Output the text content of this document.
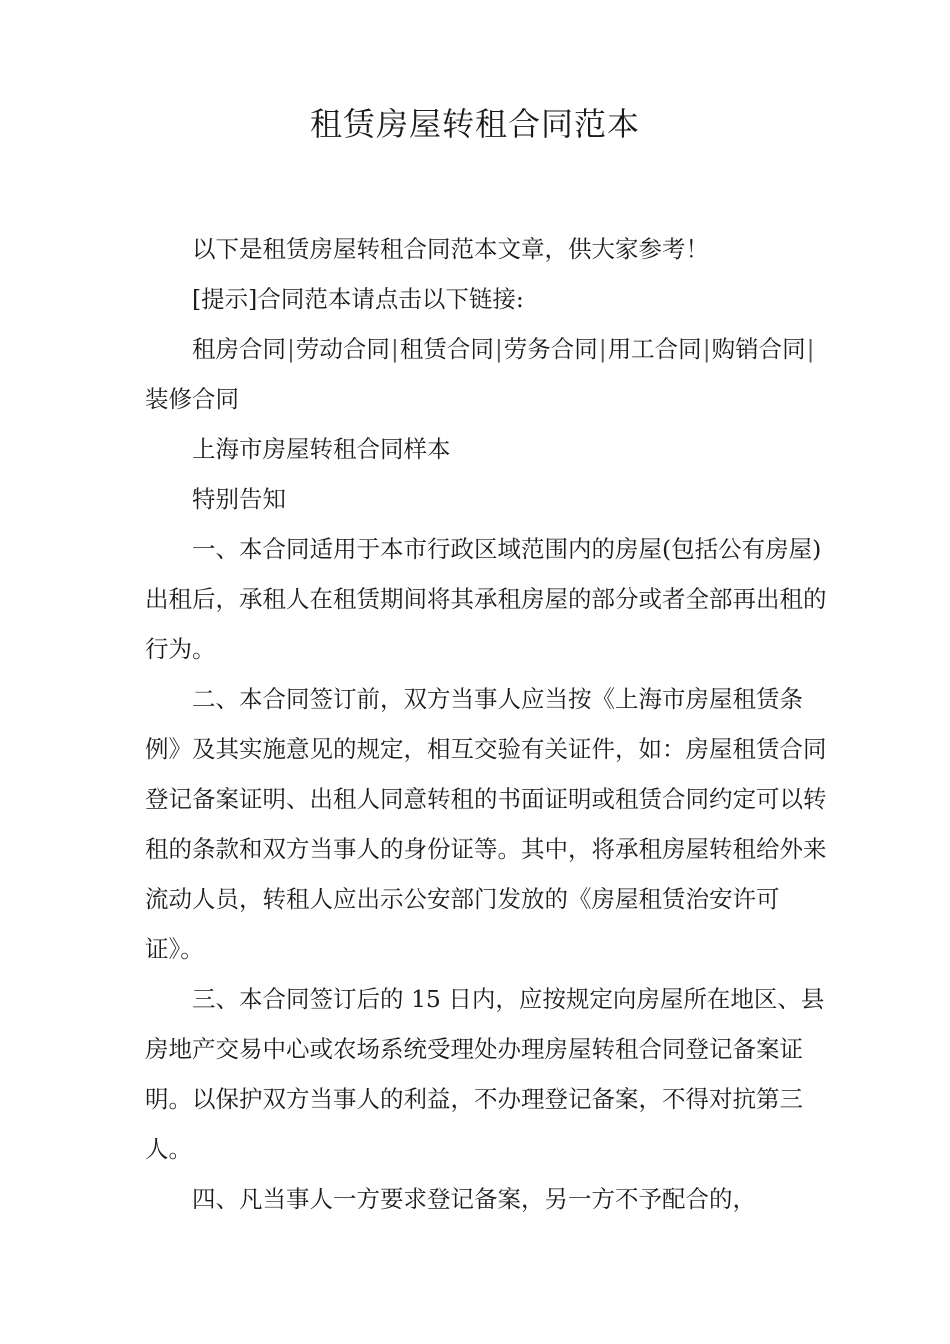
租赁房屋转租合同范本

以下是租赁房屋转租合同范本文章，供大家参考！

[提示]合同范本请点击以下链接:

租房合同|劳动合同|租赁合同|劳务合同|用工合同|购销合同|装修合同

上海市房屋转租合同样本

特别告知

一、本合同适用于本市行政区域范围内的房屋(包括公有房屋)出租后，承租人在租赁期间将其承租房屋的部分或者全部再出租的行为。

二、本合同签订前，双方当事人应当按《上海市房屋租赁条例》及其实施意见的规定，相互交验有关证件，如：房屋租赁合同登记备案证明、出租人同意转租的书面证明或租赁合同约定可以转租的条款和双方当事人的身份证等。其中，将承租房屋转租给外来流动人员，转租人应出示公安部门发放的《房屋租赁治安许可证》。

三、本合同签订后的 15 日内，应按规定向房屋所在地区、县房地产交易中心或农场系统受理处办理房屋转租合同登记备案证明。以保护双方当事人的利益，不办理登记备案，不得对抗第三人。

四、凡当事人一方要求登记备案，另一方不予配合的，
